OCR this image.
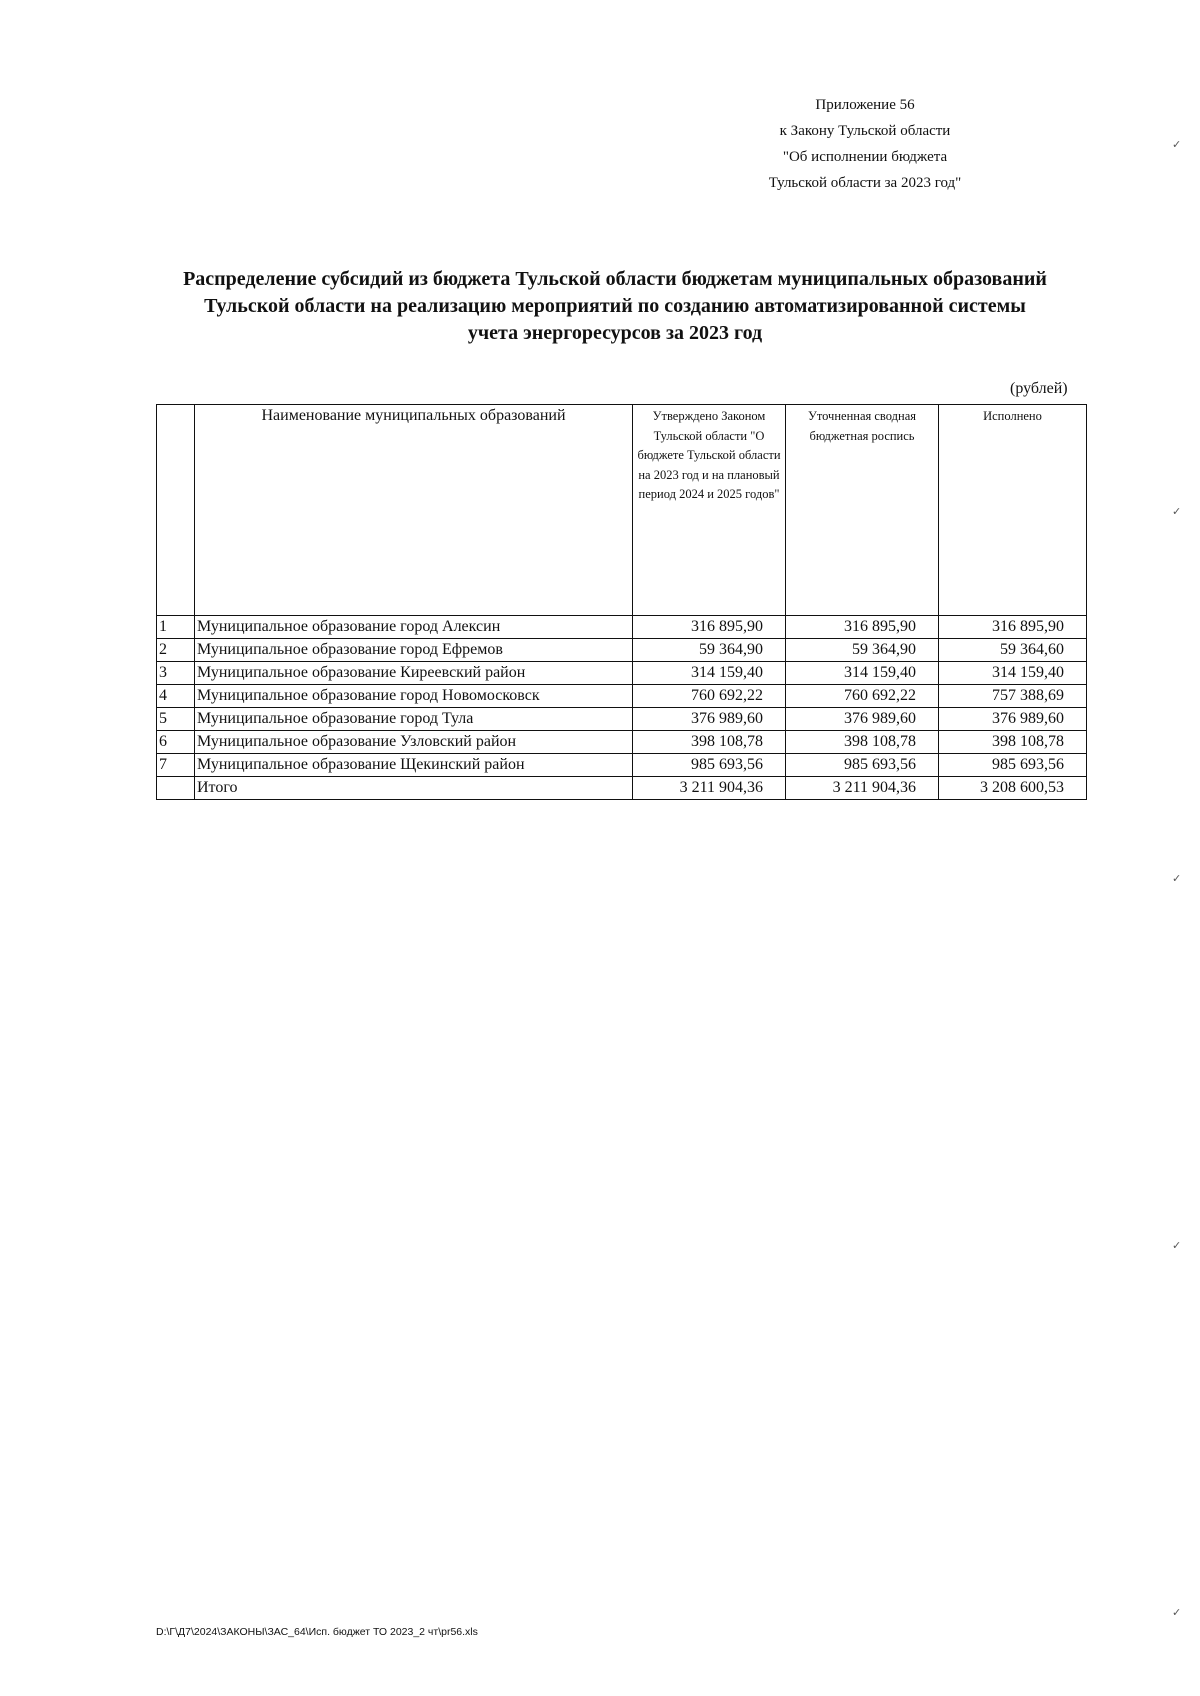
Приложение 56
к Закону Тульской области
"Об исполнении бюджета
Тульской области за 2023 год"
Распределение субсидий из бюджета Тульской области бюджетам муниципальных образований
Тульской области на реализацию мероприятий по созданию автоматизированной системы
учета энергоресурсов за 2023 год
(рублей)
	Наименование муниципальных образований	Утверждено Законом Тульской области "О бюджете Тульской области на 2023 год и на плановый период 2024 и 2025 годов"	Уточненная сводная бюджетная роспись	Исполнено
1	Муниципальное образование город Алексин	316 895,90	316 895,90	316 895,90
2	Муниципальное образование город Ефремов	59 364,90	59 364,90	59 364,60
3	Муниципальное образование Киреевский район	314 159,40	314 159,40	314 159,40
4	Муниципальное образование город Новомосковск	760 692,22	760 692,22	757 388,69
5	Муниципальное образование город Тула	376 989,60	376 989,60	376 989,60
6	Муниципальное образование Узловский район	398 108,78	398 108,78	398 108,78
7	Муниципальное образование Щекинский район	985 693,56	985 693,56	985 693,56
	Итого	3 211 904,36	3 211 904,36	3 208 600,53
D:\Г\Д7\2024\ЗАКОНЫ\ЗАС_64\Исп. бюджет ТО 2023_2 чт\pr56.xls
✓
✓
✓
✓
✓
